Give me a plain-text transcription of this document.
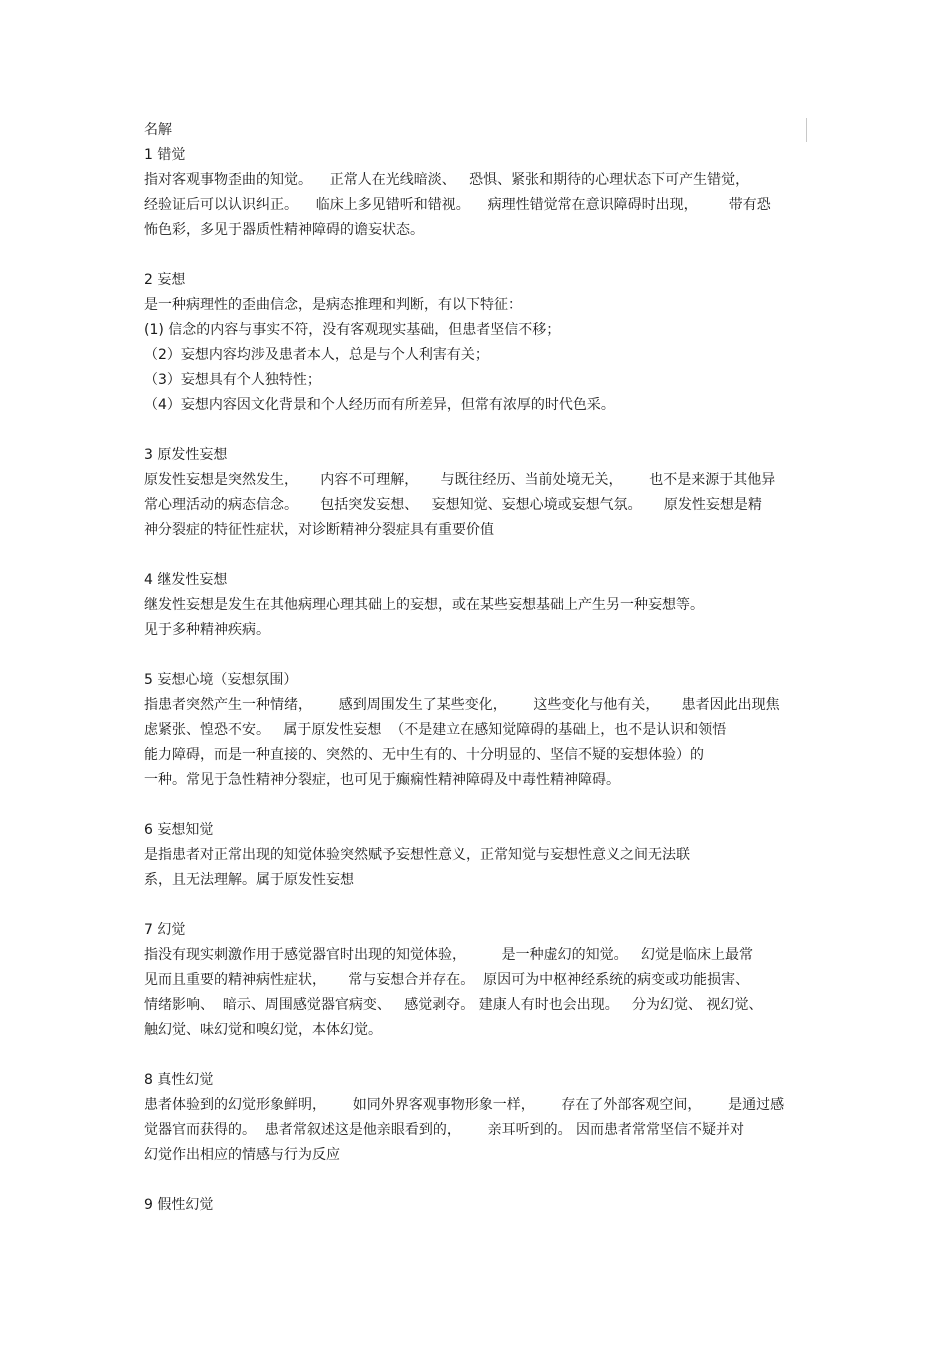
名解
1 错觉
指对客观事物歪曲的知觉。    正常人在光线暗淡、   恐惧、紧张和期待的心理状态下可产生错觉，
经验证后可以认识纠正。    临床上多见错听和错视。    病理性错觉常在意识障碍时出现，       带有恐
怖色彩，多见于器质性精神障碍的谵妄状态。
2 妄想
是一种病理性的歪曲信念，是病态推理和判断，有以下特征：
(1) 信念的内容与事实不符，没有客观现实基础，但患者坚信不移；
（2）妄想内容均涉及患者本人，总是与个人利害有关；
（3）妄想具有个人独特性；
（4）妄想内容因文化背景和个人经历而有所差异，但常有浓厚的时代色采。
3 原发性妄想
原发性妄想是突然发生，     内容不可理解，     与既往经历、当前处境无关，      也不是来源于其他异
常心理活动的病态信念。     包括突发妄想、   妄想知觉、妄想心境或妄想气氛。     原发性妄想是精
神分裂症的特征性症状，对诊断精神分裂症具有重要价值
4 继发性妄想
继发性妄想是发生在其他病理心理其础上的妄想，或在某些妄想基础上产生另一种妄想等。
见于多种精神疾病。
5 妄想心境（妄想氛围）
指患者突然产生一种情绪，      感到周围发生了某些变化，      这些变化与他有关，     患者因此出现焦
虑紧张、惶恐不安。   属于原发性妄想  （不是建立在感知觉障碍的基础上，也不是认识和领悟
能力障碍，而是一种直接的、突然的、无中生有的、十分明显的、坚信不疑的妄想体验）的
一种。常见于急性精神分裂症，也可见于癫痫性精神障碍及中毒性精神障碍。
6 妄想知觉
是指患者对正常出现的知觉体验突然赋予妄想性意义，正常知觉与妄想性意义之间无法联
系，且无法理解。属于原发性妄想
7 幻觉
指没有现实刺激作用于感觉器官时出现的知觉体验，        是一种虚幻的知觉。   幻觉是临床上最常
见而且重要的精神病性症状，     常与妄想合并存在。  原因可为中枢神经系统的病变或功能损害、
情绪影响、  暗示、周围感觉器官病变、   感觉剥夺。 建康人有时也会出现。   分为幻觉、 视幻觉、
触幻觉、味幻觉和嗅幻觉，本体幻觉。
8 真性幻觉
患者体验到的幻觉形象鲜明，      如同外界客观事物形象一样，      存在了外部客观空间，      是通过感
觉器官而获得的。  患者常叙述这是他亲眼看到的，      亲耳听到的。 因而患者常常坚信不疑并对
幻觉作出相应的情感与行为反应
9 假性幻觉
